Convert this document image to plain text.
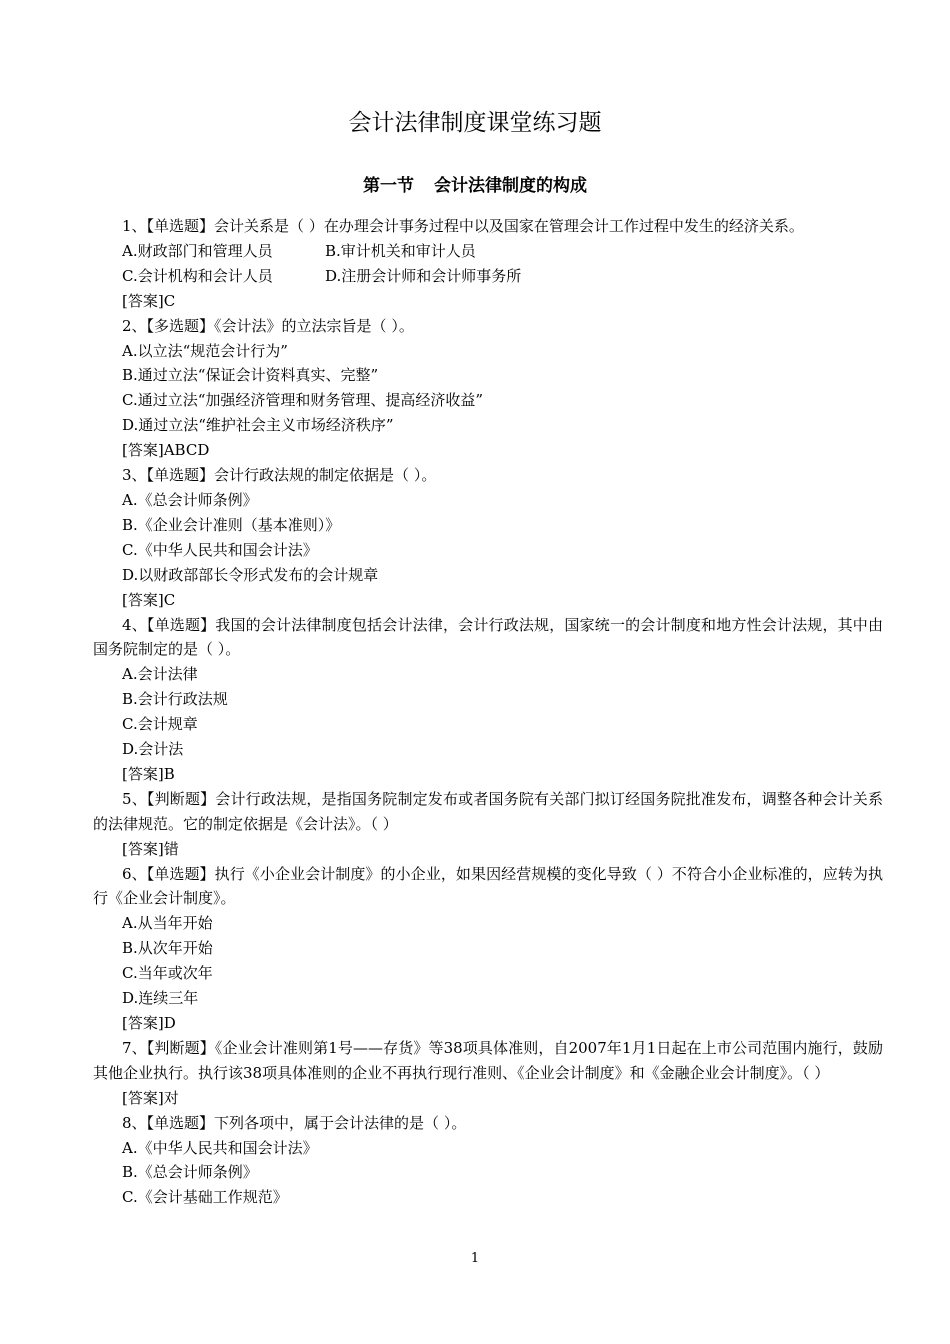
会计法律制度课堂练习题
第一节 会计法律制度的构成

1、【单选题】会计关系是（ ）在办理会计事务过程中以及国家在管理会计工作过程中发生的经济关系。

A.财政部门和管理人员	B.审计机关和审计人员

C.会计机构和会计人员	D.注册会计师和会计师事务所

[答案]C

2、【多选题】《会计法》的立法宗旨是（ ）。

A.以立法“规范会计行为”

B.通过立法“保证会计资料真实、完整”

C.通过立法“加强经济管理和财务管理、提高经济收益”

D.通过立法“维护社会主义市场经济秩序”

[答案]ABCD

3、【单选题】会计行政法规的制定依据是（ ）。

A.《总会计师条例》

B.《企业会计准则（基本准则）》

C.《中华人民共和国会计法》

D.以财政部部长令形式发布的会计规章

[答案]C

4、【单选题】我国的会计法律制度包括会计法律，会计行政法规，国家统一的会计制度和地方性会计法规，其中由国务院制定的是（ ）。

A.会计法律

B.会计行政法规

C.会计规章

D.会计法

[答案]B

5、【判断题】会计行政法规，是指国务院制定发布或者国务院有关部门拟订经国务院批准发布，调整各种会计关系的法律规范。它的制定依据是《会计法》。（ ）

[答案]错

6、【单选题】执行《小企业会计制度》的小企业，如果因经营规模的变化导致（ ）不符合小企业标准的，应转为执行《企业会计制度》。

A.从当年开始

B.从次年开始

C.当年或次年

D.连续三年

[答案]D

7、【判断题】《企业会计准则第1号——存货》等38项具体准则，自2007年1月1日起在上市公司范围内施行，鼓励其他企业执行。执行该38项具体准则的企业不再执行现行准则、《企业会计制度》和《金融企业会计制度》。（ ）

[答案]对

8、【单选题】下列各项中，属于会计法律的是（ ）。

A.《中华人民共和国会计法》

B.《总会计师条例》

C.《会计基础工作规范》

1
